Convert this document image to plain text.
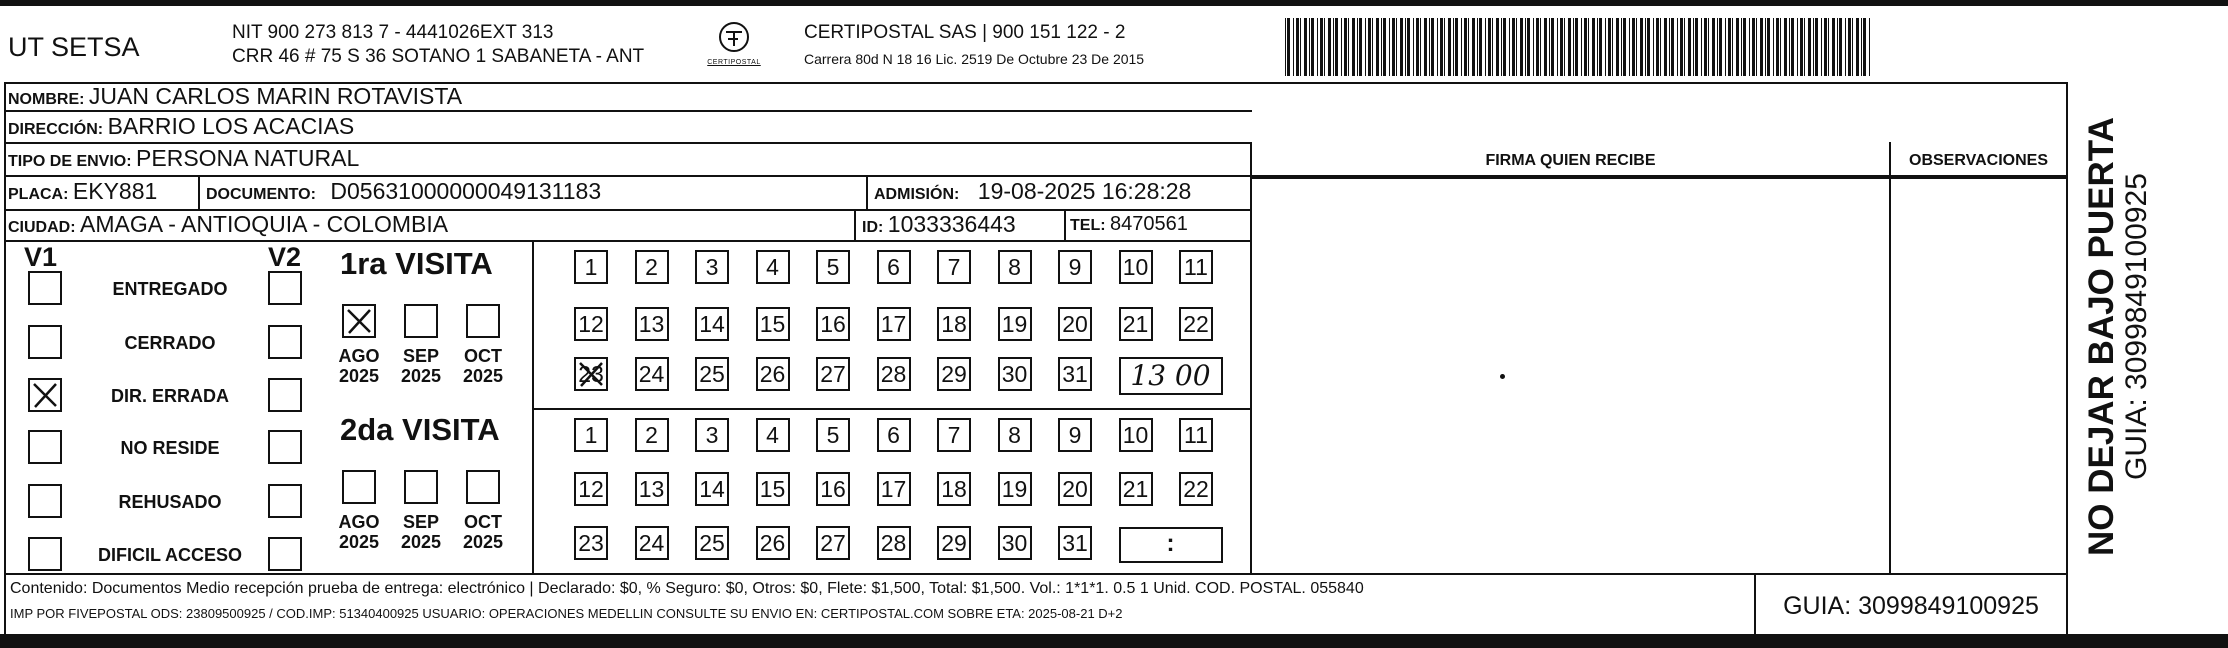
UT SETSA	NIT 900 273 813 7 - 4441026EXT 313
CRR 46 # 75 S 36 SOTANO 1 SABANETA - ANT	CERTIPOSTAL
CERTIPOSTAL SAS | 900 151 122 - 2
Carrera 80d N 18 16 Lic. 2519 De Octubre 23 De 2015
NOMBRE: JUAN CARLOS MARIN ROTAVISTA
DIRECCIÓN: BARRIO LOS ACACIAS
TIPO DE ENVIO: PERSONA NATURAL
PLACA: EKY881	DOCUMENTO: D05631000000049131183	ADMISIÓN: 19-08-2025 16:28:28
CIUDAD: AMAGA - ANTIOQUIA - COLOMBIA	ID: 1033336443	TEL: 8470561
FIRMA QUIEN RECIBE	OBSERVACIONES
V1	V2
ENTREGADO
CERRADO
DIR. ERRADA
NO RESIDE
REHUSADO
DIFICIL ACCESO
1ra VISITA
AGO
2025
SEP
2025
OCT
2025
2da VISITA
AGO
2025
SEP
2025
OCT
2025
1	2	3	4	5	6	7	8	9	10 11
12 13 14 15 16 17 18 19 20 21 22
23 24 25 26 27 28 29 30 31	13 00
1	2	3	4	5	6	7	8	9	10 11
12 13 14 15 16 17 18 19 20 21 22
23 24 25 26 27 28 29 30 31	:
Contenido: Documentos Medio recepción prueba de entrega: electrónico | Declarado: $0, % Seguro: $0, Otros: $0, Flete: $1,500, Total: $1,500. Vol.: 1*1*1. 0.5 1 Unid. COD. POSTAL. 055840
IMP POR FIVEPOSTAL ODS: 23809500925 / COD.IMP: 51340400925 USUARIO: OPERACIONES MEDELLIN CONSULTE SU ENVIO EN: CERTIPOSTAL.COM SOBRE ETA: 2025-08-21 D+2	GUIA: 3099849100925
NO DEJAR BAJO PUERTA GUIA: 3099849100925
